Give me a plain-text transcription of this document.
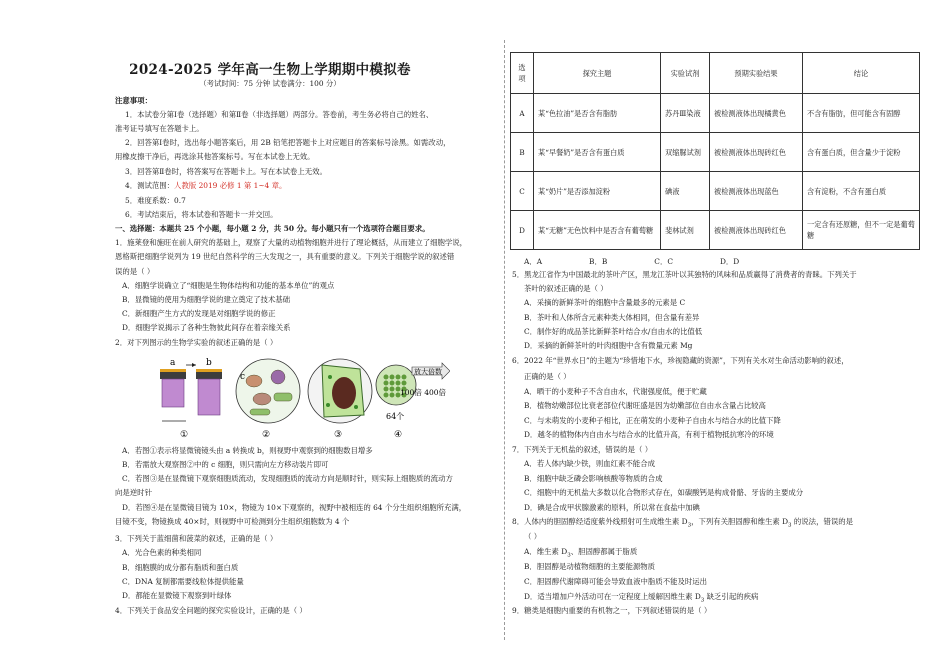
2024-2025 学年高一生物上学期期中模拟卷
（考试时间：75 分钟 试卷满分：100 分）
注意事项：
1．本试卷分第Ⅰ卷（选择题）和第Ⅱ卷（非选择题）两部分。答卷前，考生务必将自己的姓名、
准考证号填写在答题卡上。
2．回答第Ⅰ卷时，选出每小题答案后，用 2B 铅笔把答题卡上对应题目的答案标号涂黑。如需改动，
用橡皮擦干净后，再选涂其他答案标号。写在本试卷上无效。
3．回答第Ⅱ卷时，将答案写在答题卡上。写在本试卷上无效。
4．测试范围：人教版 2019 必修 1 第 1~4 章。
5．难度系数：0.7
6．考试结束后，将本试卷和答题卡一并交回。
一、选择题：本题共 25 个小题，每小题 2 分，共 50 分。每小题只有一个选项符合题目要求。
1．施莱登和施旺在前人研究的基础上，观察了大量的动植物细胞并进行了理论概括，从而建立了细胞学说，
恩格斯把细胞学说列为 19 世纪自然科学的三大发现之一，具有重要的意义。下列关于细胞学说的叙述错
误的是（ ）
A．细胞学说确立了“细胞是生物体结构和功能的基本单位”的观点
B．显微镜的使用为细胞学说的建立奠定了技术基础
C．新细胞产生方式的发现是对细胞学说的修正
D．细胞学说揭示了各种生物彼此间存在着亲缘关系
2．对下列图示的生物学实验的叙述正确的是（ ）
a	b
①
c
②	③
64个
放大倍数
100倍 400倍
④
A．若图①表示将显微镜镜头由 a 转换成 b，则视野中观察到的细胞数目增多
B．若需放大观察图②中的 c 细胞，则只需向左方移动装片即可
C．若图③是在显微镜下观察细胞质流动，发现细胞质的流动方向是顺时针，则实际上细胞质的流动方
向是逆时针
D．若图④是在显微镜目镜为 10×，物镜为 10×下观察的，视野中被相连的 64 个分生组织细胞所充满，
目镜不变，物镜换成 40×时，则视野中可检测到分生组织细胞数为 4 个
3．下列关于蓝细菌和菠菜的叙述，正确的是（ ）
A．光合色素的种类相同
B．细胞膜的成分都有脂质和蛋白质
C．DNA 复制都需要线粒体提供能量
D．都能在显微镜下观察到叶绿体
4．下列关于食品安全问题的探究实验设计，正确的是（ ）
选
项	探究主题	实验试剂	预期实验结果	结论
A	某“色拉油”是否含有脂肪	苏丹Ⅲ染液	被检测液体出现橘黄色	不含有脂肪，但可能含有固醇
B	某“早餐奶”是否含有蛋白质	双缩脲试剂	被检测液体出现砖红色	含有蛋白质，但含量少于淀粉
C	某“奶片”是否添加淀粉	碘液	被检测液体出现蓝色	含有淀粉，不含有蛋白质
D	某“无糖”无色饮料中是否含有葡萄糖	斐林试剂	被检测液体出现砖红色	一定含有还原糖，但不一定是葡萄糖
A．A                    B．B                    C．C                    D．D
5．黑龙江省作为中国最北的茶叶产区，黑龙江茶叶以其独特的风味和品质赢得了消费者的青睐。下列关于
茶叶的叙述正确的是（ ）
A．采摘的新鲜茶叶的细胞中含量最多的元素是 C
B．茶叶和人体所含元素种类大体相同，但含量有差异
C．制作好的成品茶比新鲜茶叶结合水/自由水的比值低
D．采摘的新鲜茶叶的叶肉细胞中含有微量元素 Mg
6．2022 年“世界水日”的主题为“珍惜地下水，珍视隐藏的资源”，下列有关水对生命活动影响的叙述，
正确的是（ ）
A．晒干的小麦种子不含自由水，代谢强度低，便于贮藏
B．植物幼嫩部位比衰老部位代谢旺盛是因为幼嫩部位自由水含量占比较高
C．与未萌发的小麦种子相比，正在萌发的小麦种子自由水与结合水的比值下降
D．越冬的植物体内自由水与结合水的比值升高，有利于植物抵抗寒冷的环境
7．下列关于无机盐的叙述，错误的是（ ）
A．若人体内缺少铁，则血红素不能合成
B．细胞中缺乏磷会影响核酸等物质的合成
C．细胞中的无机盐大多数以化合物形式存在，如碳酸钙是构成骨骼、牙齿的主要成分
D．碘是合成甲状腺激素的原料，所以常在食盐中加碘
8．人体内的胆固醇经适度紫外线照射可生成维生素 $D_3$，下列有关胆固醇和维生素 $D_3$ 的说法，错误的是
（ ）
A．维生素 $D_3$、胆固醇都属于脂质
B．胆固醇是动植物细胞的主要能源物质
C．胆固醇代谢障碍可能会导致血液中脂质不能及时运出
D．适当增加户外活动可在一定程度上缓解因维生素 $D_3$ 缺乏引起的疾病
9．糖类是细胞内重要的有机物之一，下列叙述错误的是（ ）
